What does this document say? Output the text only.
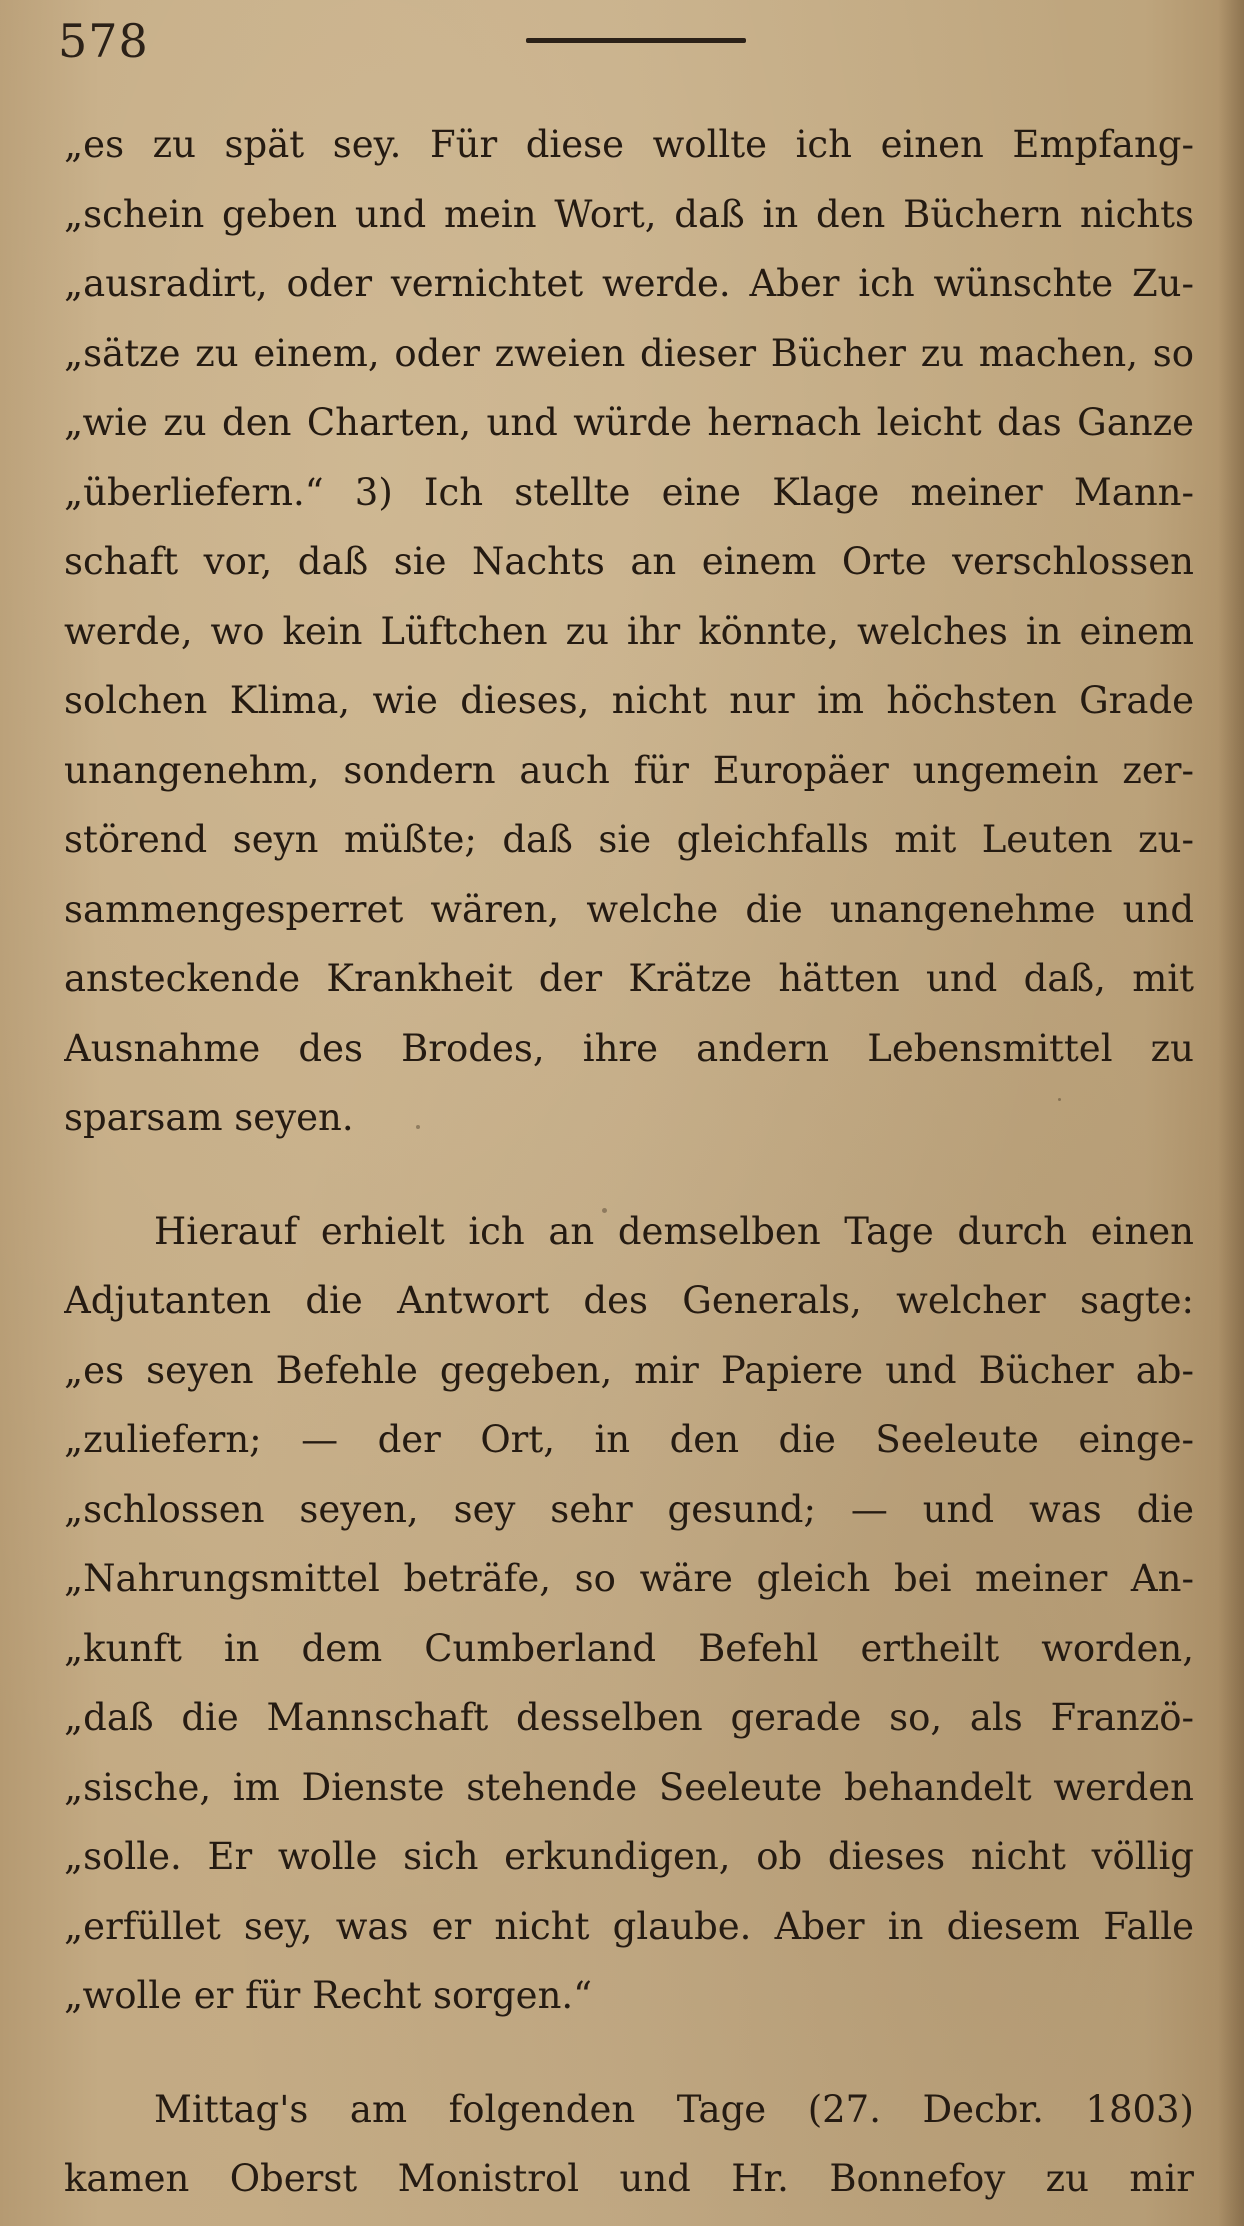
578
„es zu spät sey. Für diese wollte ich einen Empfang-
„schein geben und mein Wort, daß in den Büchern nichts
„ausradirt, oder vernichtet werde. Aber ich wünschte Zu-
„sätze zu einem, oder zweien dieser Bücher zu machen, so
„wie zu den Charten, und würde hernach leicht das Ganze
„überliefern.“ 3) Ich stellte eine Klage meiner Mann-
schaft vor, daß sie Nachts an einem Orte verschlossen
werde, wo kein Lüftchen zu ihr könnte, welches in einem
solchen Klima, wie dieses, nicht nur im höchsten Grade
unangenehm, sondern auch für Europäer ungemein zer-
störend seyn müßte; daß sie gleichfalls mit Leuten zu-
sammengesperret wären, welche die unangenehme und
ansteckende Krankheit der Krätze hätten und daß, mit
Ausnahme des Brodes, ihre andern Lebensmittel zu
sparsam seyen.
Hierauf erhielt ich an demselben Tage durch einen
Adjutanten die Antwort des Generals, welcher sagte:
„es seyen Befehle gegeben, mir Papiere und Bücher ab-
„zuliefern; — der Ort, in den die Seeleute einge-
„schlossen seyen, sey sehr gesund; — und was die
„Nahrungsmittel beträfe, so wäre gleich bei meiner An-
„kunft in dem Cumberland Befehl ertheilt worden,
„daß die Mannschaft desselben gerade so, als Franzö-
„sische, im Dienste stehende Seeleute behandelt werden
„solle. Er wolle sich erkundigen, ob dieses nicht völlig
„erfüllet sey, was er nicht glaube. Aber in diesem Falle
„wolle er für Recht sorgen.“
Mittag's am folgenden Tage (27. Decbr. 1803)
kamen Oberst Monistrol und Hr. Bonnefoy zu mir
